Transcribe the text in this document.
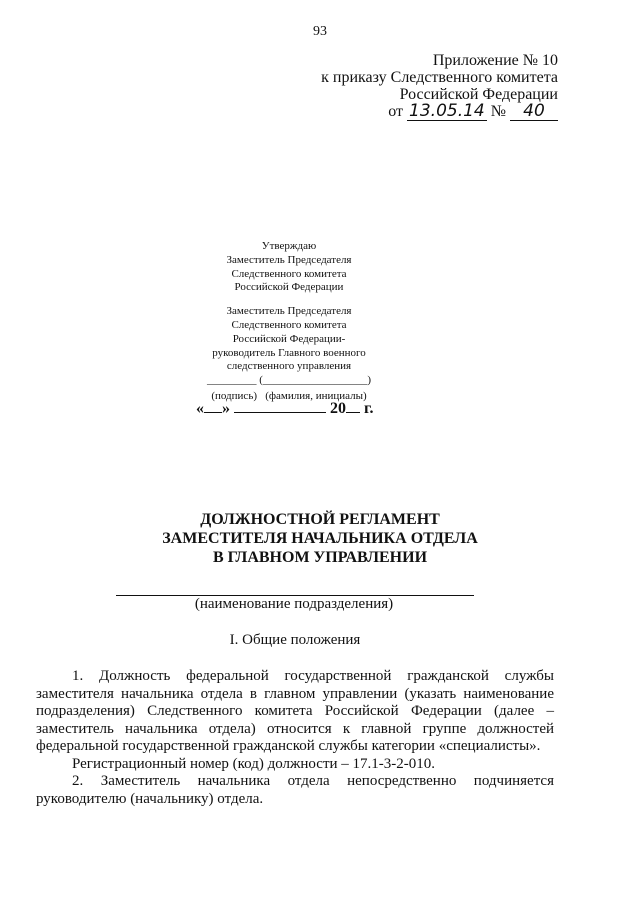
93
Приложение № 10
к приказу Следственного комитета
Российской Федерации
от 13.05.14 № 40
Утверждаю
Заместитель Председателя
Следственного комитета
Российской Федерации
Заместитель Председателя
Следственного комитета
Российской Федерации-
руководитель Главного военного
следственного управления
_________ (___________________)
(подпись) (фамилия, инициалы)
« »	20 г.
ДОЛЖНОСТНОЙ РЕГЛАМЕНТ
ЗАМЕСТИТЕЛЯ НАЧАЛЬНИКА ОТДЕЛА
В ГЛАВНОМ УПРАВЛЕНИИ
(наименование подразделения)
I. Общие положения

1. Должность федеральной государственной гражданской службы заместителя начальника отдела в главном управлении (указать наименование подразделения) Следственного комитета Российской Федерации (далее – заместитель начальника отдела) относится к главной группе должностей федеральной государственной гражданской службы категории «специалисты».

Регистрационный номер (код) должности – 17.1-3-2-010.

2. Заместитель начальника отдела непосредственно подчиняется руководителю (начальнику) отдела.
